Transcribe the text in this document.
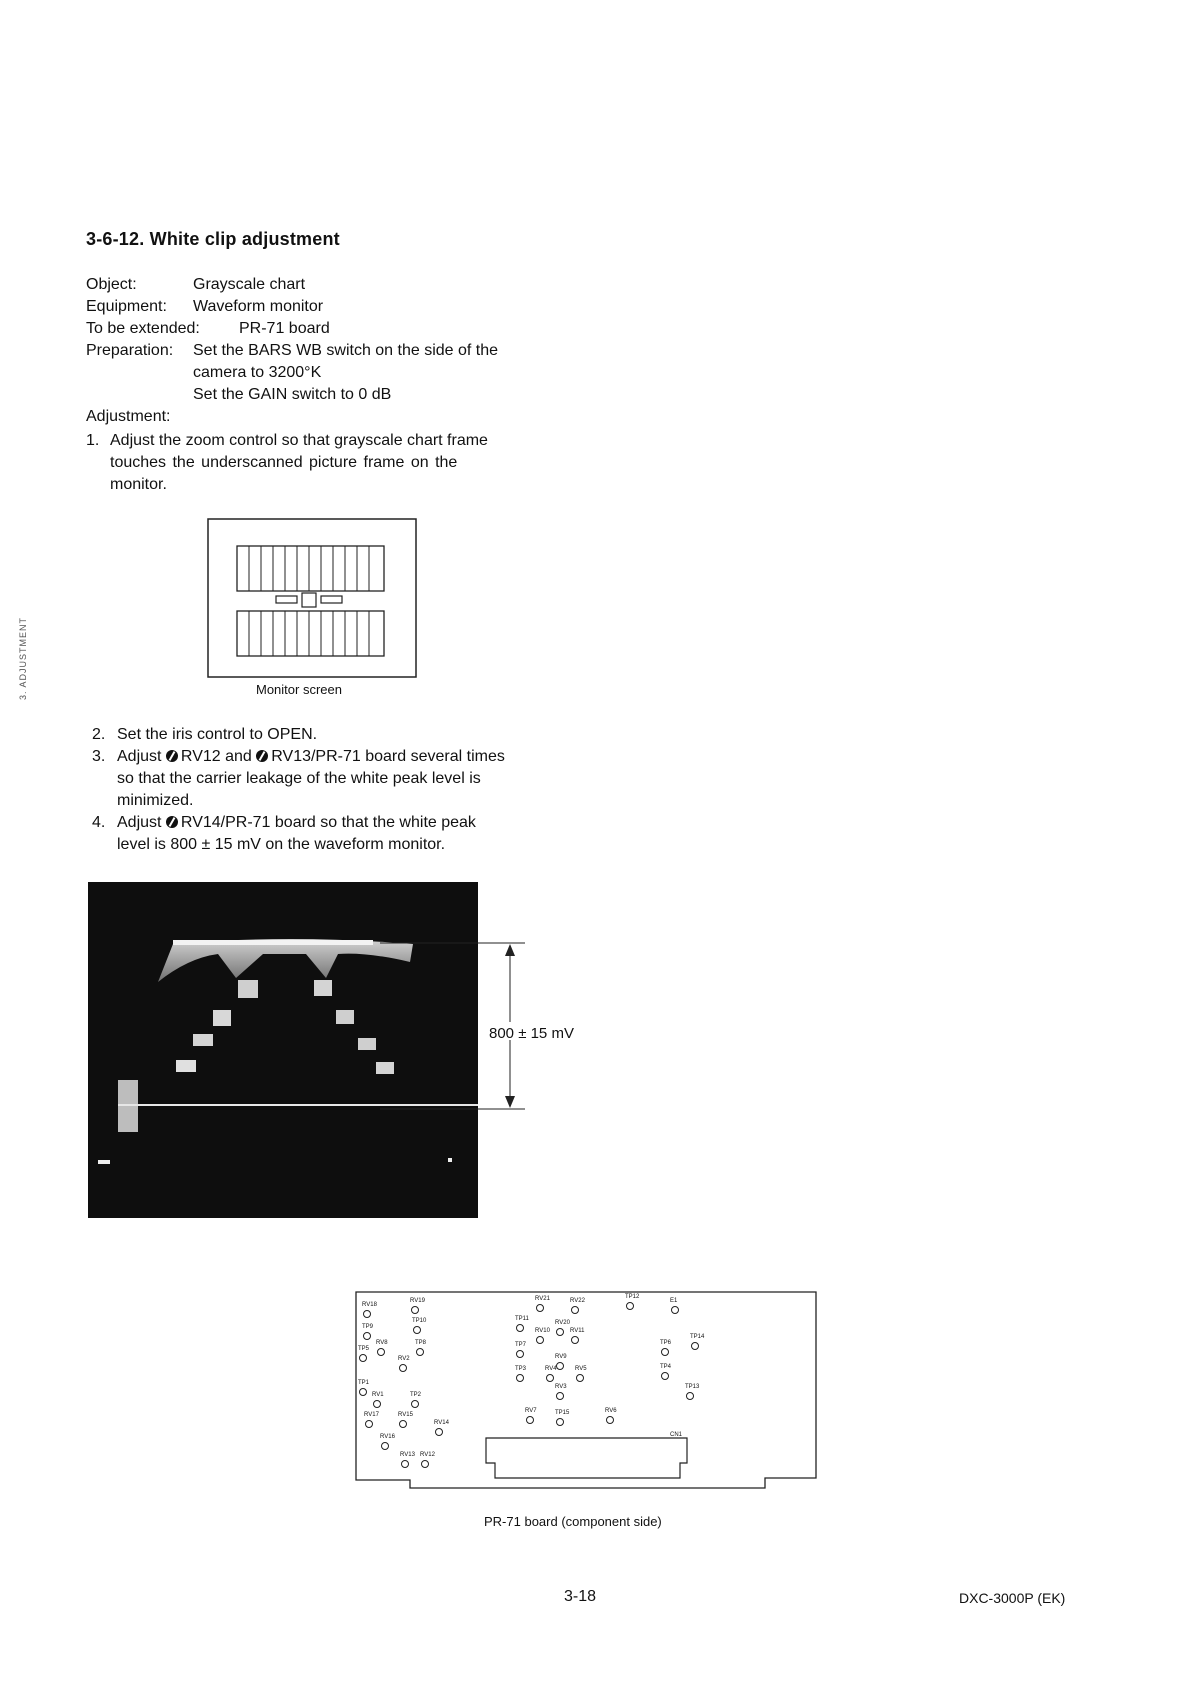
3. ADJUSTMENT
3-6-12. White clip adjustment
Object:	Grayscale chart
Equipment: Waveform monitor
To be extended: PR-71 board
Preparation: Set the BARS WB switch on the side of the
camera to 3200°K
Set the GAIN switch to 0 dB
Adjustment:
1. Adjust the zoom control so that grayscale chart frame
touches the underscanned picture frame on the
monitor.
Monitor screen
2. Set the iris control to OPEN.
3. Adjust RV12 and RV13/PR-71 board several times
so that the carrier leakage of the white peak level is
minimized.
4. Adjust RV14/PR-71 board so that the white peak
level is 800 ± 15 mV on the waveform monitor.
800 ± 15 mV
RV18
RV19
TP10
TP9
RV8	TP8
TP5
RV2
TP1
RV1	TP2
RV17	RV15
RV14
RV16
RV13 RV12
RV21	RV22
TP12
E1
TP11
RV20
RV10	RV11
TP6
TP14
TP7
RV9
TP3	RV4	RV5	TP4
RV3	TP13
RV7	TP15	RV6
CN1
PR-71 board (component side)
3-18	DXC-3000P (EK)
